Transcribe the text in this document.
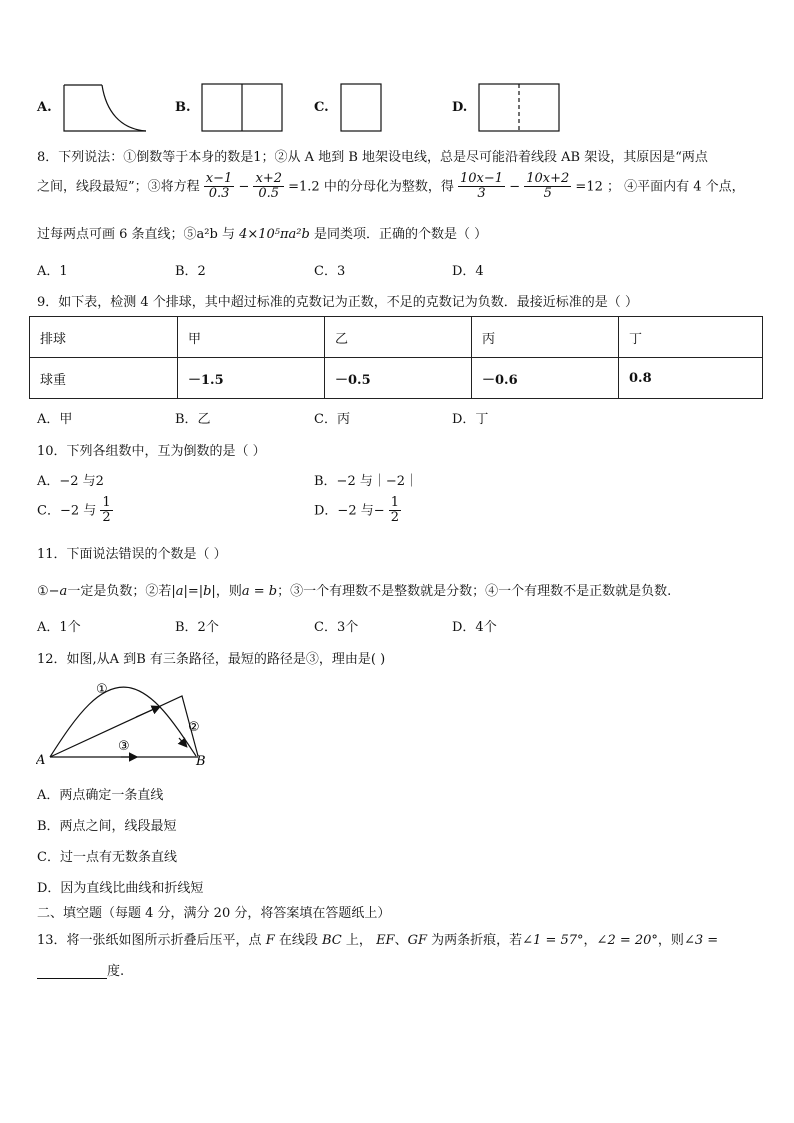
A.	B.	C.	D.
8．下列说法：①倒数等于本身的数是1；②从 A 地到 B 地架设电线，总是尽可能沿着线段 AB 架设，其原因是“两点
之间，线段最短”；③将方程 $\frac{x-1}{0.3} - \frac{x+2}{0.5} =1.2$ 中的分母化为整数，得 $\frac{10x-1}{3} - \frac{10x+2}{5} =12$ ； ④平面内有 4 个点，
过每两点可画 6 条直线；⑤a²b 与 4×10⁵πa²b 是同类项．正确的个数是（ ）
A．1	B．2	C．3	D．4
9．如下表，检测 4 个排球，其中超过标准的克数记为正数，不足的克数记为负数．最接近标准的是（ ）
排球	甲	乙	丙	丁
球重	－1.5	－0.5	－0.6	0.8
A．甲	B．乙	C．丙	D．丁
10．下列各组数中，互为倒数的是（ ）
A．−2 与2	B．−2 与｜−2｜
C．−2 与 $\frac{1}{2}$	D．−2 与− $\frac{1}{2}$
11．下面说法错误的个数是（ ）
①−a一定是负数；②若|a|=|b|，则a = b；③一个有理数不是整数就是分数；④一个有理数不是正数就是负数.
A．1个	B．2个	C．3个	D．4个
12．如图,从A 到B 有三条路径，最短的路径是③，理由是( )
A	B
①
②
③
A．两点确定一条直线
B．两点之间，线段最短
C．过一点有无数条直线
D．因为直线比曲线和折线短
二、填空题（每题 4 分，满分 20 分，将答案填在答题纸上）
13．将一张纸如图所示折叠后压平，点 F 在线段 BC 上， EF、GF 为两条折痕，若∠1 = 57°，∠2 = 20°，则∠3 =
度.
